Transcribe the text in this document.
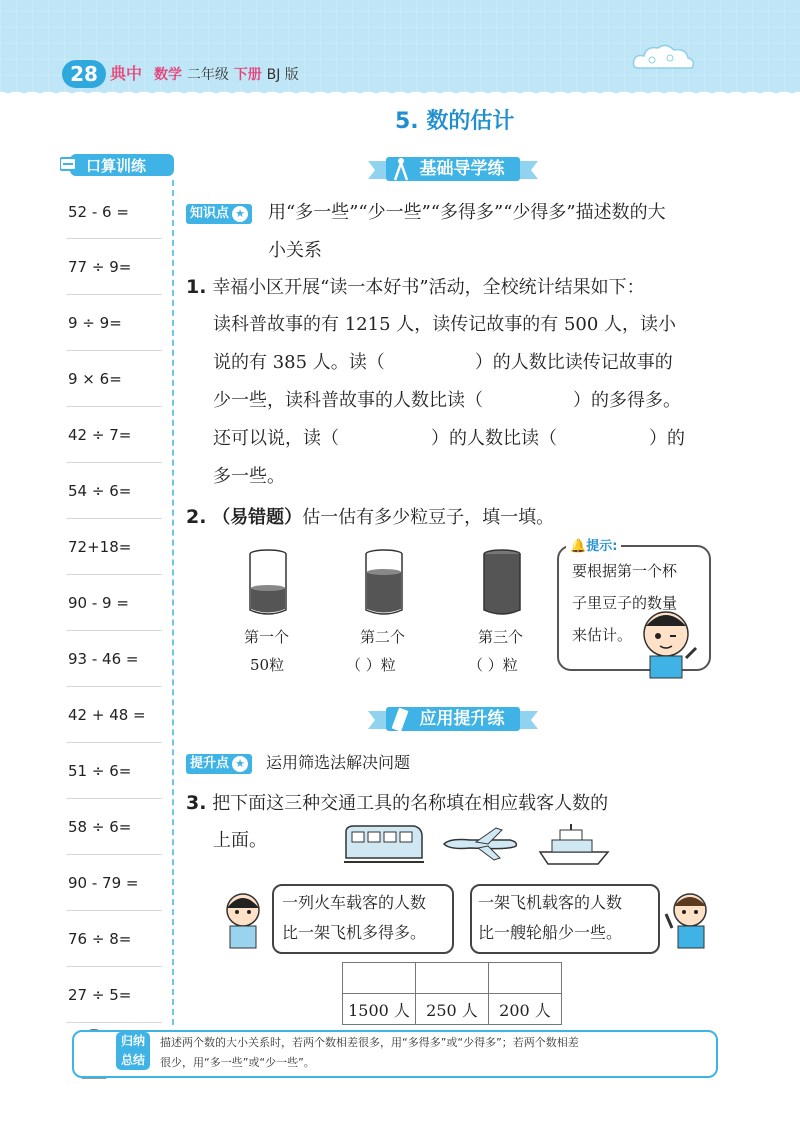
28 典中 数学 二年级 下册 BJ 版
口算训练
52 - 6 =
77 ÷ 9=
9 ÷ 9=
9 × 6=
42 ÷ 7=
54 ÷ 6=
72+18=
90 - 9 =
93 - 46 =
42 + 48 =
51 ÷ 6=
58 ÷ 6=
90 - 79 =
76 ÷ 8=
27 ÷ 5=
5. 数的估计
基础导学练
知识点 ★	用“多一些”“少一些”“多得多”“少得多”描述数的大
小关系
1. 幸福小区开展“读一本好书”活动，全校统计结果如下：
读科普故事的有 1215 人，读传记故事的有 500 人，读小
说的有 385 人。读（	）的人数比读传记故事的
少一些，读科普故事的人数比读（	）的多得多。
还可以说，读（	）的人数比读（	）的
多一些。
2. （易错题）估一估有多少粒豆子，填一填。
第一个
50粒
第二个
（ ）粒
第三个
（ ）粒
🔔提示:
要根据第一个杯
子里豆子的数量
来估计。
应用提升练
提升点 ★	运用筛选法解决问题
3. 把下面这三种交通工具的名称填在相应载客人数的
上面。
一列火车载客的人数
比一架飞机多得多。
一架飞机载客的人数
比一艘轮船少一些。

1500 人	250 人	200 人
归纳
总结
描述两个数的大小关系时，若两个数相差很多，用“多得多”或“少得多”；若两个数相差
很少，用“多一些”或“少一些”。
